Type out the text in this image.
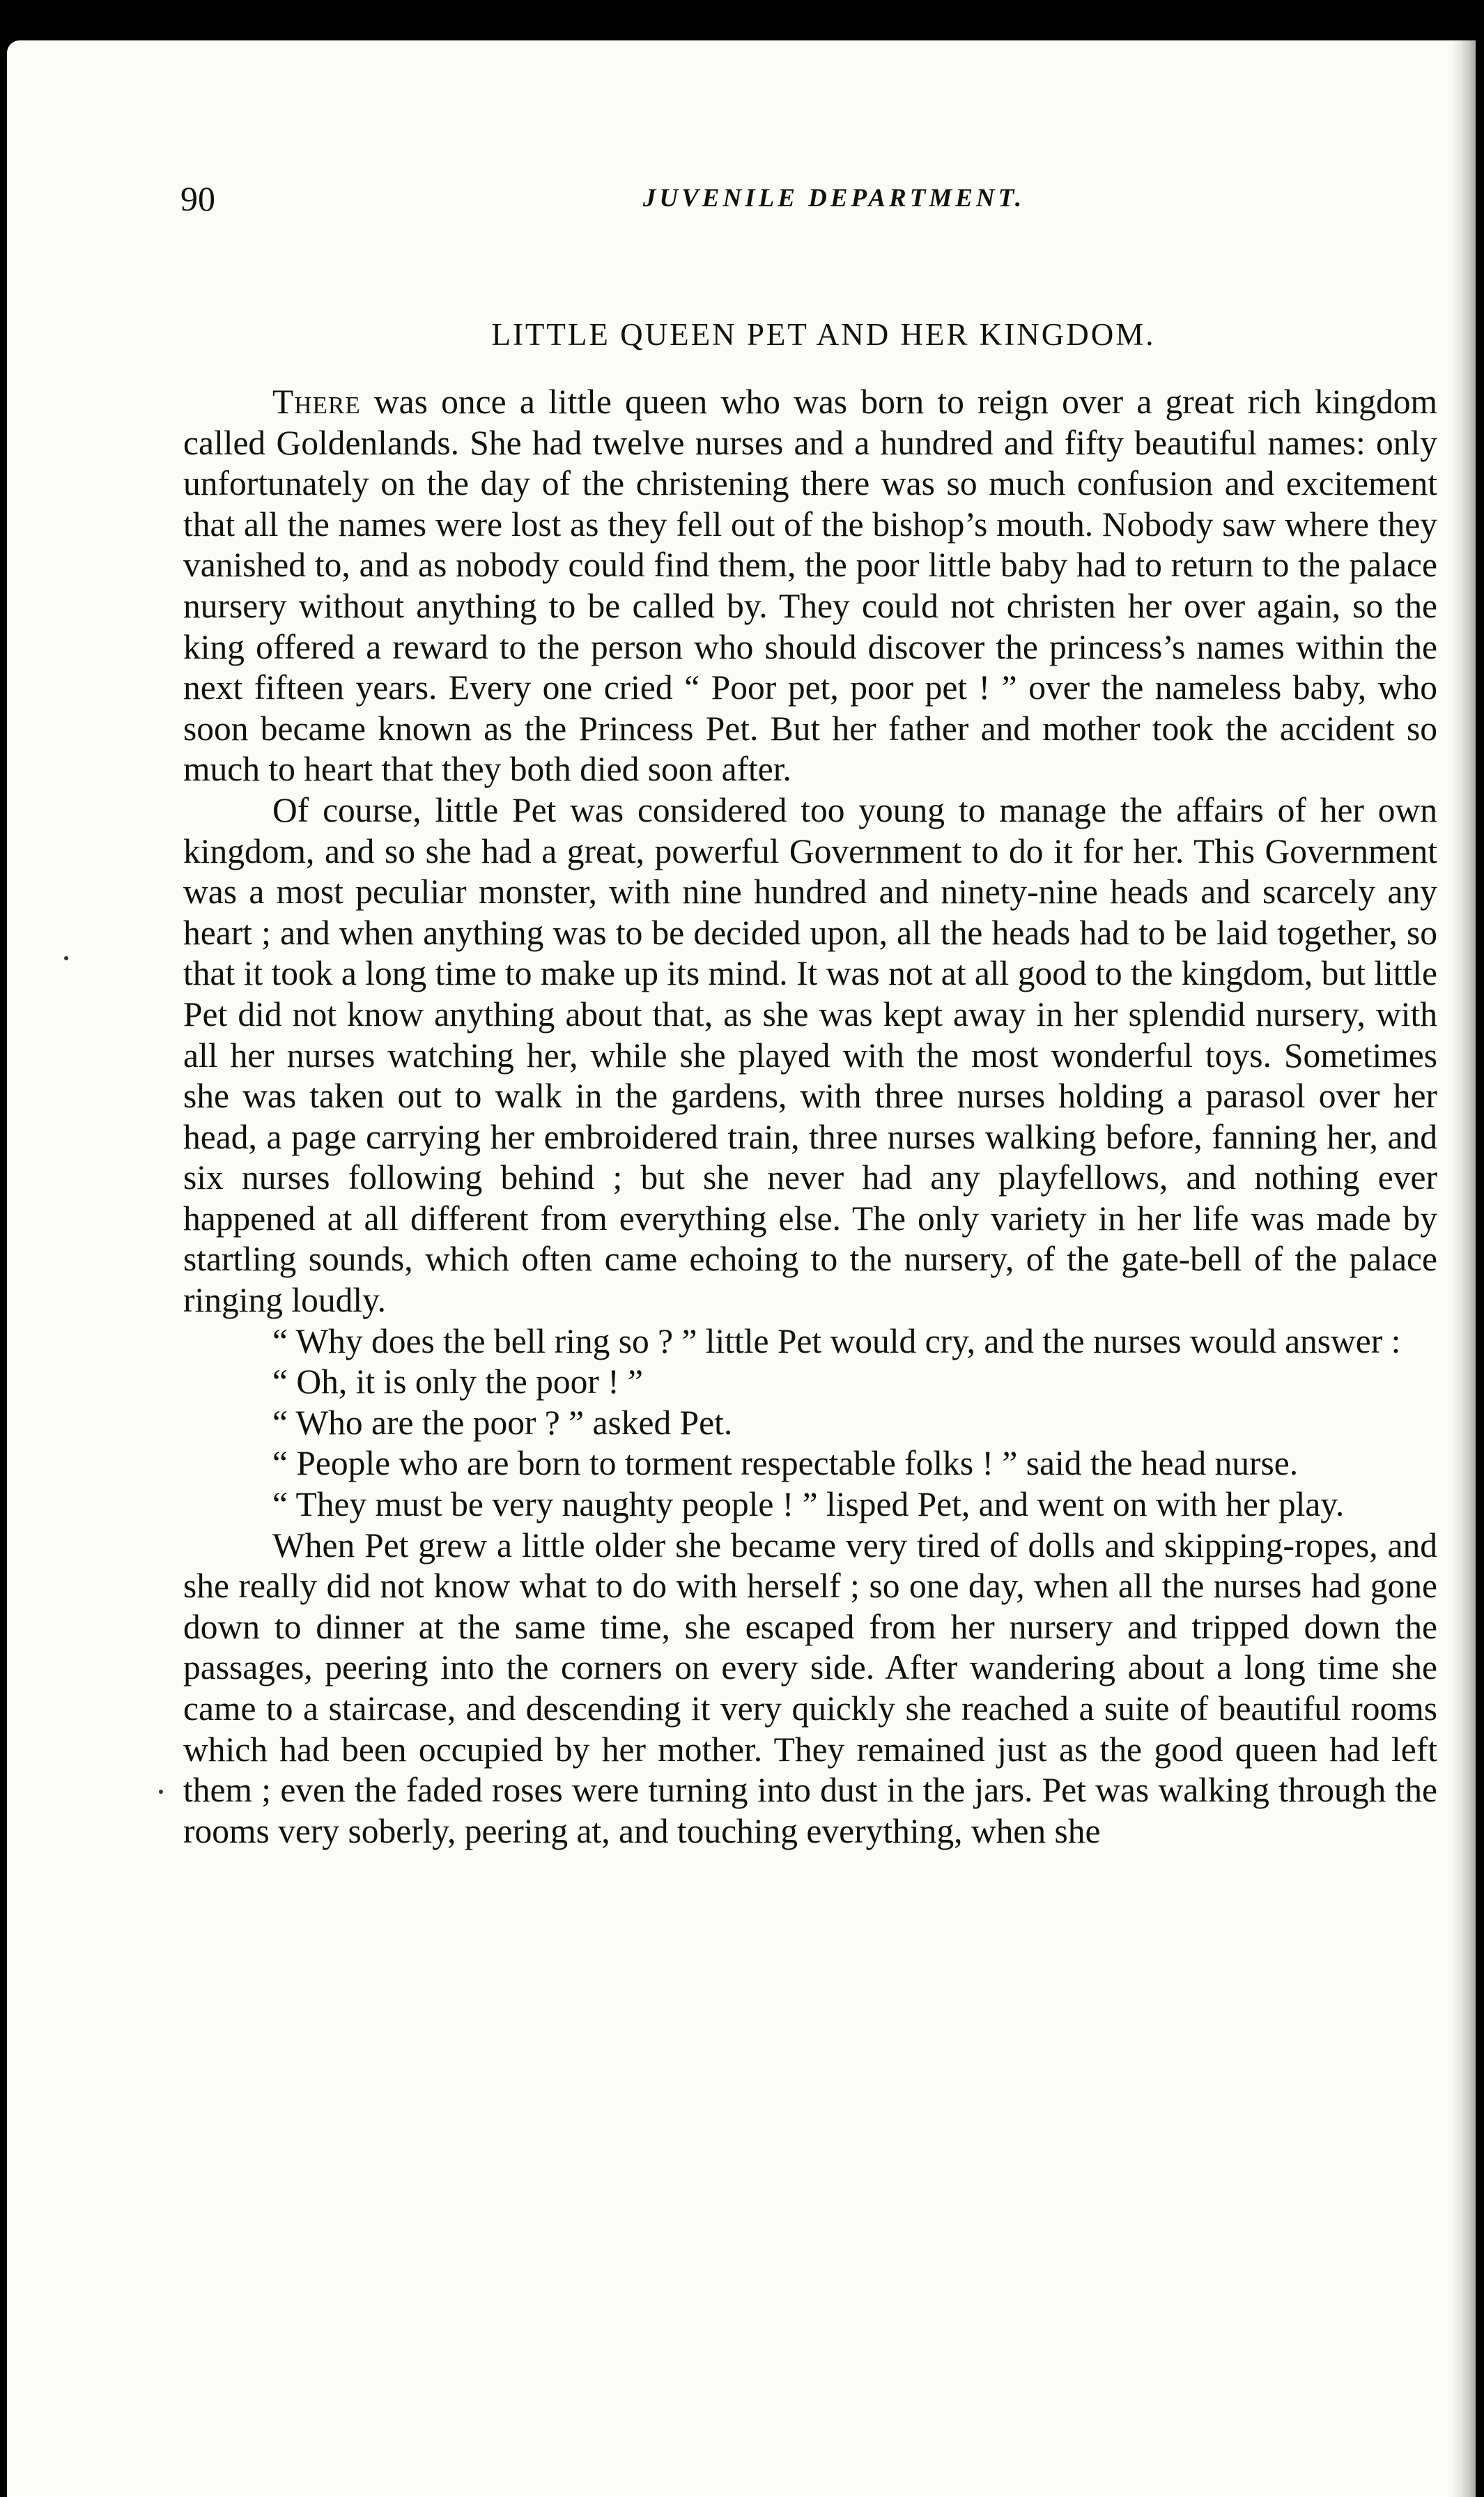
90	JUVENILE DEPARTMENT.
LITTLE QUEEN PET AND HER KINGDOM.

There was once a little queen who was born to reign over a great rich kingdom called Goldenlands. She had twelve nurses and a hundred and fifty beautiful names: only unfortunately on the day of the christening there was so much confusion and excitement that all the names were lost as they fell out of the bishop’s mouth. Nobody saw where they vanished to, and as nobody could find them, the poor little baby had to return to the palace nursery without anything to be called by. They could not christen her over again, so the king offered a reward to the person who should discover the princess’s names within the next fifteen years. Every one cried “ Poor pet, poor pet ! ” over the nameless baby, who soon became known as the Princess Pet. But her father and mother took the accident so much to heart that they both died soon after.

Of course, little Pet was considered too young to manage the affairs of her own kingdom, and so she had a great, powerful Government to do it for her. This Government was a most peculiar monster, with nine hundred and ninety-nine heads and scarcely any heart ; and when anything was to be decided upon, all the heads had to be laid together, so that it took a long time to make up its mind. It was not at all good to the kingdom, but little Pet did not know anything about that, as she was kept away in her splendid nursery, with all her nurses watching her, while she played with the most wonderful toys. Sometimes she was taken out to walk in the gardens, with three nurses holding a parasol over her head, a page carrying her embroidered train, three nurses walking before, fanning her, and six nurses following behind ; but she never had any playfellows, and nothing ever happened at all different from everything else. The only variety in her life was made by startling sounds, which often came echoing to the nursery, of the gate-bell of the palace ringing loudly.

“ Why does the bell ring so ? ” little Pet would cry, and the nurses would answer :

“ Oh, it is only the poor ! ”

“ Who are the poor ? ” asked Pet.

“ People who are born to torment respectable folks ! ” said the head nurse.

“ They must be very naughty people ! ” lisped Pet, and went on with her play.

When Pet grew a little older she became very tired of dolls and skipping-ropes, and she really did not know what to do with herself ; so one day, when all the nurses had gone down to dinner at the same time, she escaped from her nursery and tripped down the passages, peering into the corners on every side. After wandering about a long time she came to a staircase, and descending it very quickly she reached a suite of beautiful rooms which had been occupied by her mother. They remained just as the good queen had left them ; even the faded roses were turning into dust in the jars. Pet was walking through the rooms very soberly, peering at, and touching everything, when she
